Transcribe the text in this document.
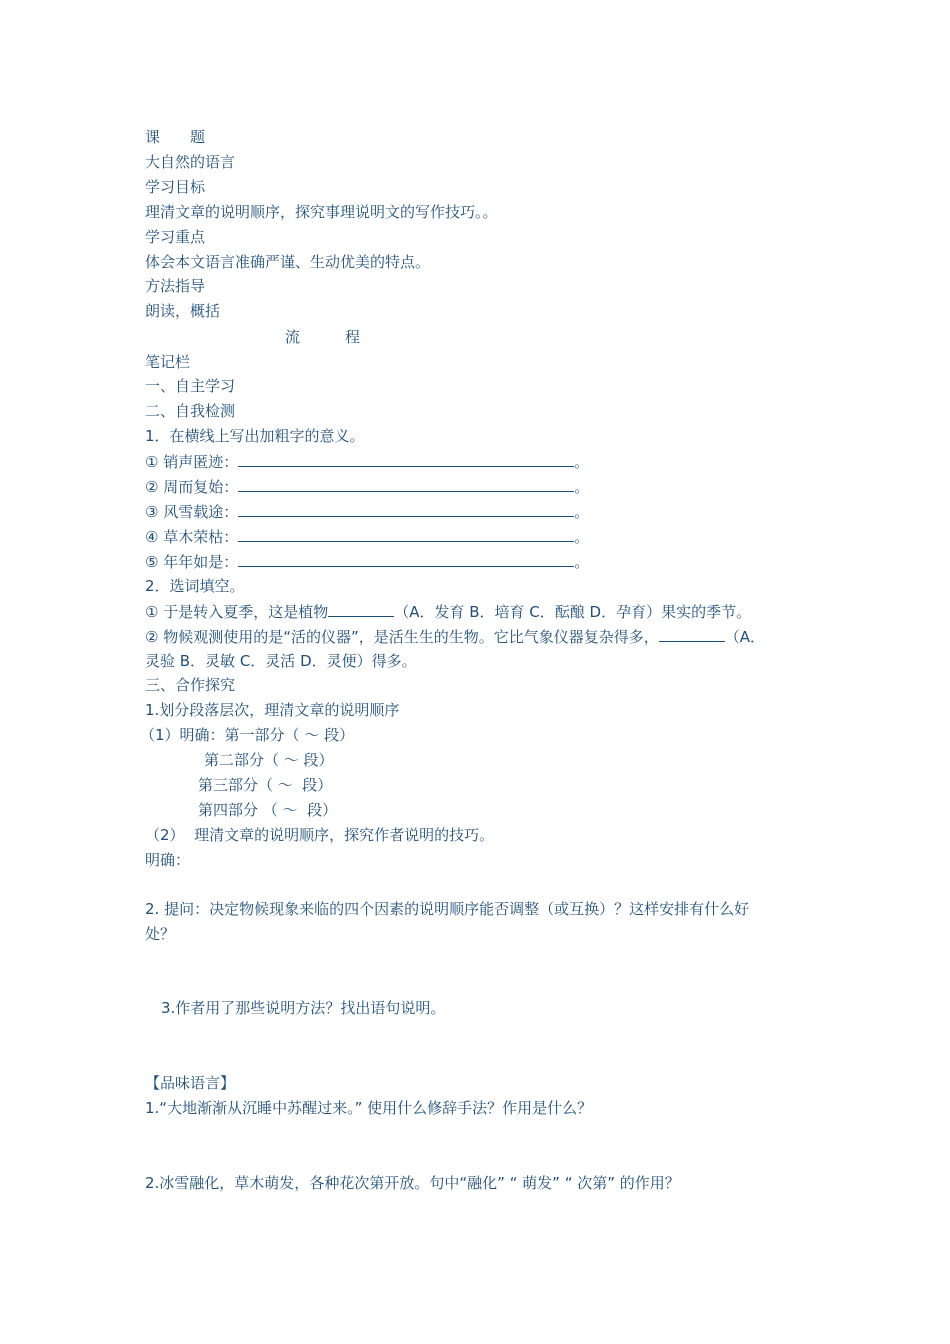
课　　题
大自然的语言
学习目标
理清文章的说明顺序，探究事理说明文的写作技巧。。
学习重点
体会本文语言准确严谨、生动优美的特点。
方法指导
朗读，概括
流　　　程
笔记栏
一、自主学习
二、自我检测
1．在横线上写出加粗字的意义。
① 销声匿迹：	。
② 周而复始：	。
③ 风雪载途：	。
④ 草木荣枯：	。
⑤ 年年如是：	。
2．选词填空。
① 于是转入夏季，这是植物	（A．发育 B．培育 C．酝酿 D．孕育）果实的季节。
② 物候观测使用的是“活的仪器”，是活生生的生物。它比气象仪器复杂得多，	（A．
灵验 B．灵敏 C．灵活 D．灵便）得多。
三、合作探究
1.划分段落层次，理清文章的说明顺序
（1）明确：第一部分（ ～ 段）
第二部分（ ～ 段）
第三部分（ ～  段）
第四部分 （ ～  段）
（2）  理清文章的说明顺序，探究作者说明的技巧。
明确：
2. 提问：决定物候现象来临的四个因素的说明顺序能否调整（或互换）？这样安排有什么好
处？
3.作者用了那些说明方法？找出语句说明。
【品味语言】
1.“大地渐渐从沉睡中苏醒过来。” 使用什么修辞手法？作用是什么？
2.冰雪融化，草木萌发，各种花次第开放。句中“融化” “ 萌发” “ 次第” 的作用？
